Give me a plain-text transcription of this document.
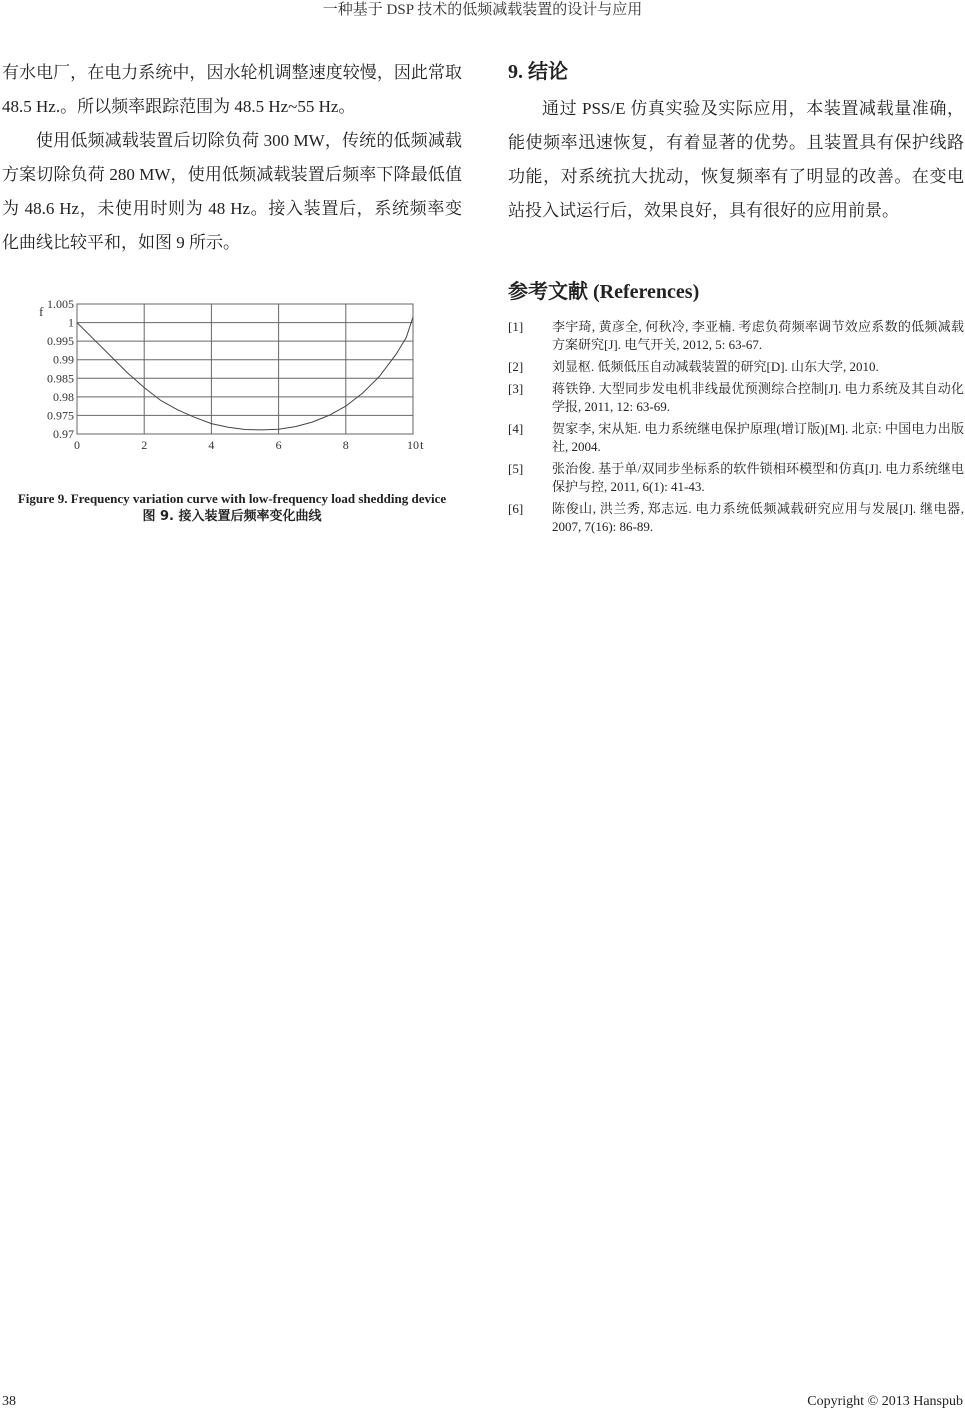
一种基于 DSP 技术的低频减载装置的设计与应用

有水电厂，在电力系统中，因水轮机调整速度较慢，因此常取 48.5 Hz.。所以频率跟踪范围为 48.5 Hz~55 Hz。

使用低频减载装置后切除负荷 300 MW，传统的低频减载方案切除负荷 280 MW，使用低频减载装置后频率下降最低值为 48.6 Hz，未使用时则为 48 Hz。接入装置后，系统频率变化曲线比较平和，如图 9 所示。

1.005
1
0.995
0.99
0.985
0.98
0.975
0.97
0	2	4	6	8	10
f
t
Figure 9. Frequency variation curve with low-frequency load shedding device
图 9. 接入装置后频率变化曲线
9. 结论

通过 PSS/E 仿真实验及实际应用，本装置减载量准确，能使频率迅速恢复，有着显著的优势。且装置具有保护线路功能，对系统抗大扰动，恢复频率有了明显的改善。在变电站投入试运行后，效果良好，具有很好的应用前景。

参考文献 (References)
[1]	李宇琦, 黄彦全, 何秋冷, 李亚楠. 考虑负荷频率调节效应系数的低频减载方案研究[J]. 电气开关, 2012, 5: 63-67.
[2]	刘显枢. 低频低压自动减载装置的研究[D]. 山东大学, 2010.
[3]	蒋铁铮. 大型同步发电机非线最优预测综合控制[J]. 电力系统及其自动化学报, 2011, 12: 63-69.
[4]	贺家李, 宋从矩. 电力系统继电保护原理(增订版)[M]. 北京: 中国电力出版社, 2004.
[5]	张治俊. 基于单/双同步坐标系的软件锁相环模型和仿真[J]. 电力系统继电保护与控, 2011, 6(1): 41-43.
[6]	陈俊山, 洪兰秀, 郑志远. 电力系统低频减载研究应用与发展[J]. 继电器, 2007, 7(16): 86-89.
38	Copyright © 2013 Hanspub
